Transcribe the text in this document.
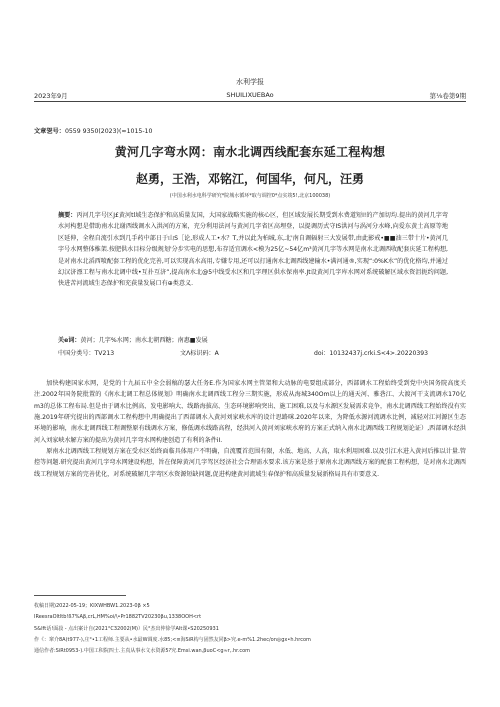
水利学报
2023年9月	SHUILIXUEBAo	第⅛卷第9期
文章乫号：0559 9350(2023)(≈1015-10
黄河几字弯水网：南水北调西线配套东延工程构想
赵勇，王浩，邓铭江，何国华，何凡，汪勇
(中国水利水电科学研究*院城水循环*取与调控0*点实竣5!,北京100038)
摘要：丙河几字号区J£黄河tl域生态保护和高质量友国，大国家战略实施的核心区，但区域发展长期受到水费道短I!的产加切均.提出的黄河几字弯水河构想是借助南水北谢西线调水入洪河的方案，充分利用法河与黄河几字省区高埋登，以提调历式守IS洪河与涡河分水峰,向爱东黄土高原等地区延伸，全程自流引水到几手药中部日于山S［论,形成人工•水？T,并以此为柏城,东,北'南自调辐射三大发展带,由此影戒•■■油三带十片•黄河几字号水网整体椎架.按肥供水目标分级规划'分步实电的思想,布存适宜调水<模为25亿~54亿m³黄河几字等水网是南水北调西收配套庆延工程构想,是对南水北滔西喷配套工程的优化完善,可以实现高水高用,专嫌专用,还可以打通南水北调西线建输水•满河通®,实现“:0%K水”的优化格均,并通过幻汉济漂工程与南水北调中线•互扑互济”,提高南水北@5中线受水区和几字理区供水保南率.Jt设黄河几字库水网对系统破解区域水资沮扼约问题,快进苦河流域生态保护和充荻量发展口有⊕类意义.
关e词：黄河；几字%水网；南水北朝西糖；南惠■发展
中国分类号：TV213	文Λ标识码：A	doi：10132437j.crki.S<4>.20220393

加快构建国家水网，是党的十九届五中全会弱稿的瑟大任务E.作为国家水网主管架和大动脉的电要组成部分，西部调水工程始终受到党中央国务院高度关注.2002年国务院批置的《南水北调工程总体规划》明确南水北调西线工程分三期实施，形成从海城340Om以上的通天河、雅砻江、大渡河干支流调水170亿m3的总体工程布局.但是由于调水比例高、发电影响大、线路海拔高、生态环境影响突出、施工困难,以及与水源区发展需求竞争，南水北调西线工程始终没有实施.2019年研究提出的西部调水工程构想中,明确提出了西部调水入黄河刘家峡水库的设计思路咪.2020年以来，为降低水源河流调水比例，减轻对江河源区生态环境的影响，南水北调西线工程调整原有线调水方案，修低调水线路高程，经洪河入黄河刘家峡水府的方案正式纳入南水北调西线工程规划论证）,西部调水经洪河入刘家峡水解方案的提出为黄河几字弯水网构建创造了有利的条件iI.

原南水北调西线工程规划方案在受水区始终面临具体用户不明确，自流覆首范围有限，水低、地高、人高，取水利用困难.以及引江水进入黄河后推以计量.管控等问题.研究提出黄河几字弯水网建设构想，旨在保障黄河几字驾区经济社会合理需水要求.该方案是基于原南水北调西线方案的配套工程构想，是对南水北调西线工程规划方案的完善优化，对系统破解几字弯区水资源短缺问题,促进构建黄河流域生春保护和高质量发展新格局具有市要意义.

枚稿日期)2022-05-19；KIXWHBW1.2023-0β ×5
IReesraOltltb!ß7%Aβ,crL,HM%oi/\•Pr1882TV20230βu,1338OOH<rt
5&Ift话!面菽 - 点出案计自(2021°C32002(M)）民°杰出仲徐学AIt课•S20250931
作《：窜介8A(t977-),庄°•1工程师.主要从•水最W调度.水85;<≡海SiR构与固然友同β>究.e-m%1.2hec/on◎gx•h.hrcom
通信作者:SiRt0953-).中国工积院四士.主真从事水文水资源5?究.Emsi.wan,βuoC<g≈r,.hr.com
